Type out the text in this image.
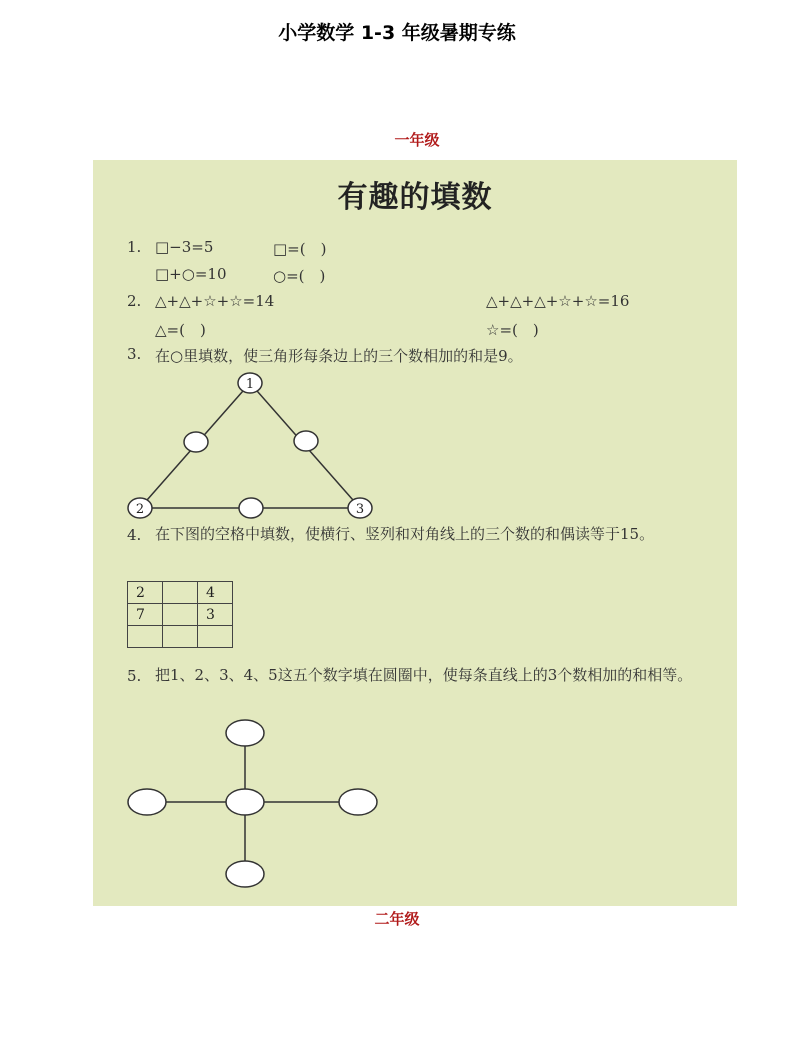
小学数学 1-3 年级暑期专练
一年级
有趣的填数
1. □−3=5	□=(　)
□+○=10	○=(　)
2. △+△+☆+☆=14
△=(　)
△+△+△+☆+☆=16
☆=(　)
3. 在○里填数，使三角形每条边上的三个数相加的和是9。
1
2	3
4. 在下图的空格中填数，使横行、竖列和对角线上的三个数的和偶读等于15。
2		4
7		3

把1、2、3、4、5这五个数字填在圆圈中，使每条直线上的3个数相加的和相等。
5.
二年级
